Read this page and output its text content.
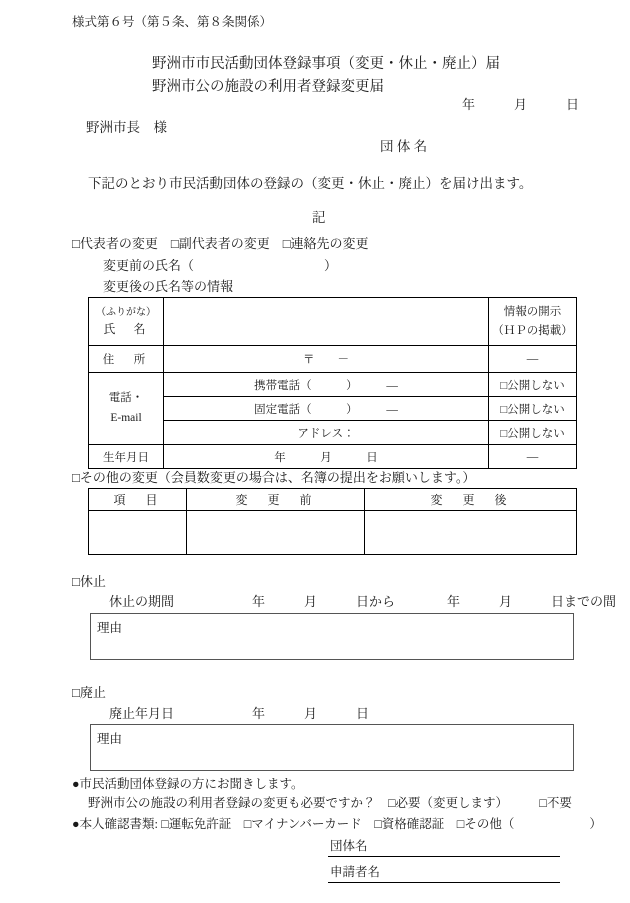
様式第６号（第５条、第８条関係）
野洲市市民活動団体登録事項（変更・休止・廃止）届
野洲市公の施設の利用者登録変更届
年　　　月　　　日
野洲市長　様
団 体 名
下記のとおり市民活動団体の登録の（変更・休止・廃止）を届け出ます。
記
□代表者の変更　□副代表者の変更　□連絡先の変更
変更前の氏名（　　　　　　　　　　）
変更後の氏名等の情報
（ふりがな）
氏　名		情報の開示
（ＨＰの掲載）

住　所	〒　　－	―

電話・
E-mail	携帯電話（　　　）　　　―	□公開しない
	固定電話（　　　）　　　―	□公開しない
	アドレス：	□公開しない
生年月日	年　　　月　　　日	―
□その他の変更（会員数変更の場合は、名簿の提出をお願いします。）
項　目	変　更　前	変　更　後

□休止
休止の期間　　　　　　年　　　月　　　日から　　　　年　　　月　　　日までの間
理由
□廃止
廃止年月日　　　　　　年　　　月　　　日
理由
●市民活動団体登録の方にお聞きします。
野洲市公の施設の利用者登録の変更も必要ですか？　□必要（変更します）　　　□不要
●本人確認書類: □運転免許証　□マイナンバーカード　□資格確認証　□その他（　　　　　　）
団体名
申請者名
